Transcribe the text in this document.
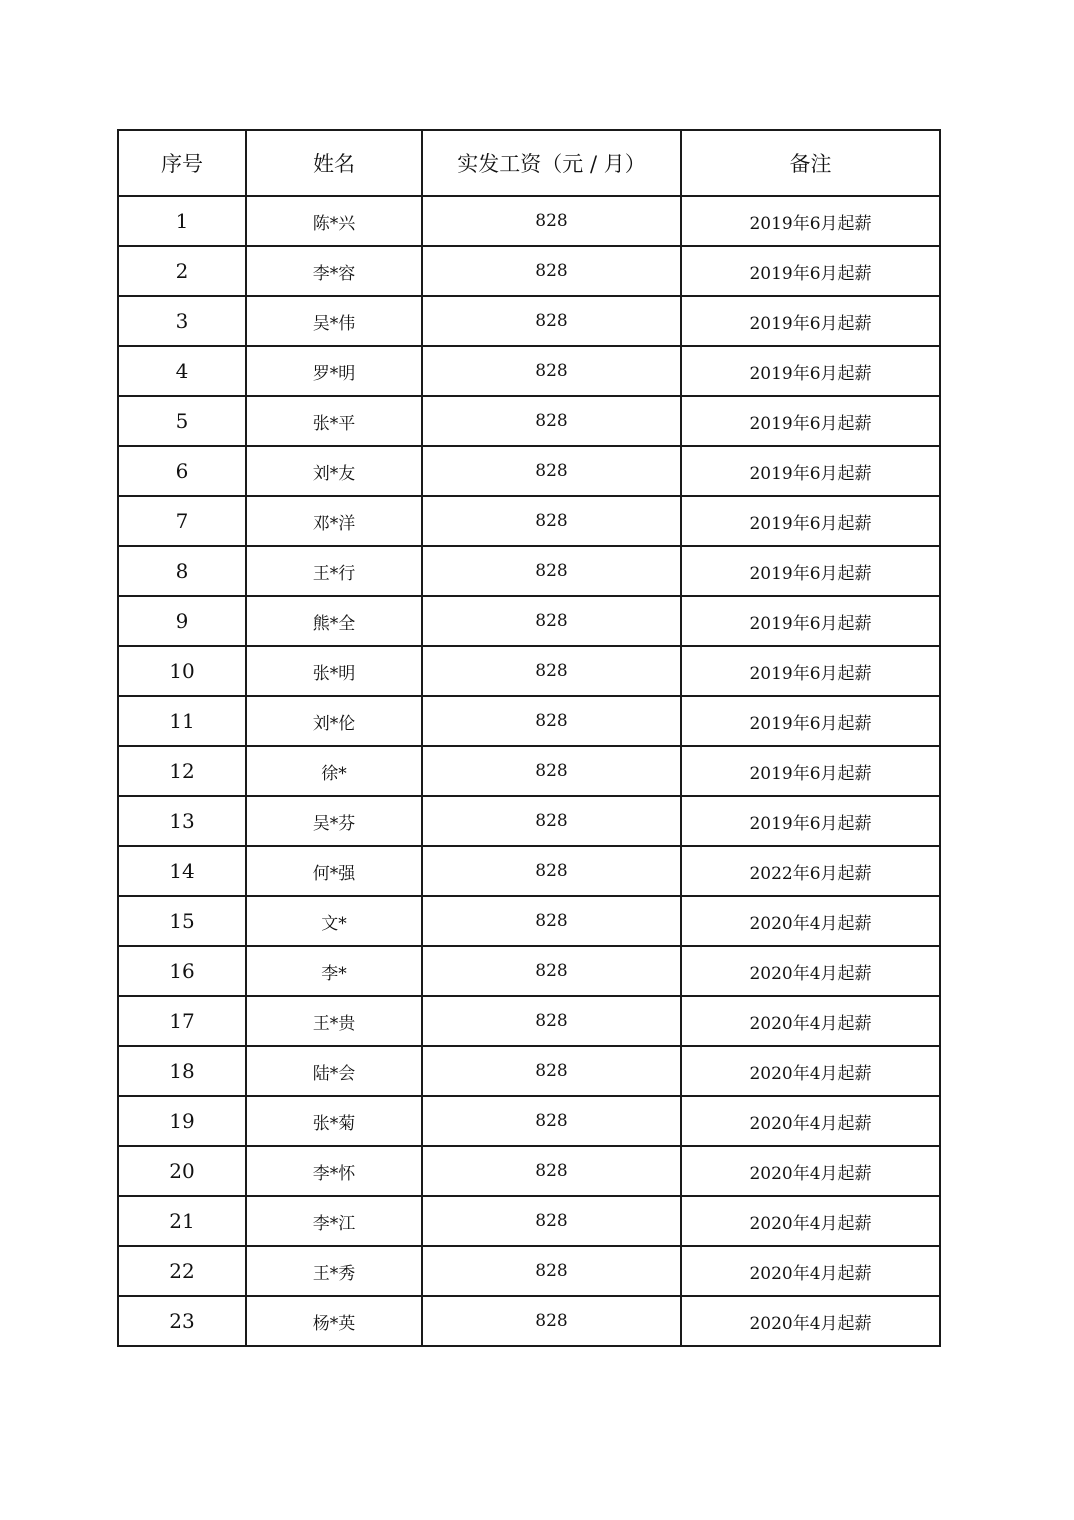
序号	姓名	实发工资（元 / 月）	备注
1	陈*兴	828	2019年6月起薪
2	李*容	828	2019年6月起薪
3	吴*伟	828	2019年6月起薪
4	罗*明	828	2019年6月起薪
5	张*平	828	2019年6月起薪
6	刘*友	828	2019年6月起薪
7	邓*洋	828	2019年6月起薪
8	王*行	828	2019年6月起薪
9	熊*全	828	2019年6月起薪
10	张*明	828	2019年6月起薪
11	刘*伦	828	2019年6月起薪
12	徐*	828	2019年6月起薪
13	吴*芬	828	2019年6月起薪
14	何*强	828	2022年6月起薪
15	文*	828	2020年4月起薪
16	李*	828	2020年4月起薪
17	王*贵	828	2020年4月起薪
18	陆*会	828	2020年4月起薪
19	张*菊	828	2020年4月起薪
20	李*怀	828	2020年4月起薪
21	李*江	828	2020年4月起薪
22	王*秀	828	2020年4月起薪
23	杨*英	828	2020年4月起薪
